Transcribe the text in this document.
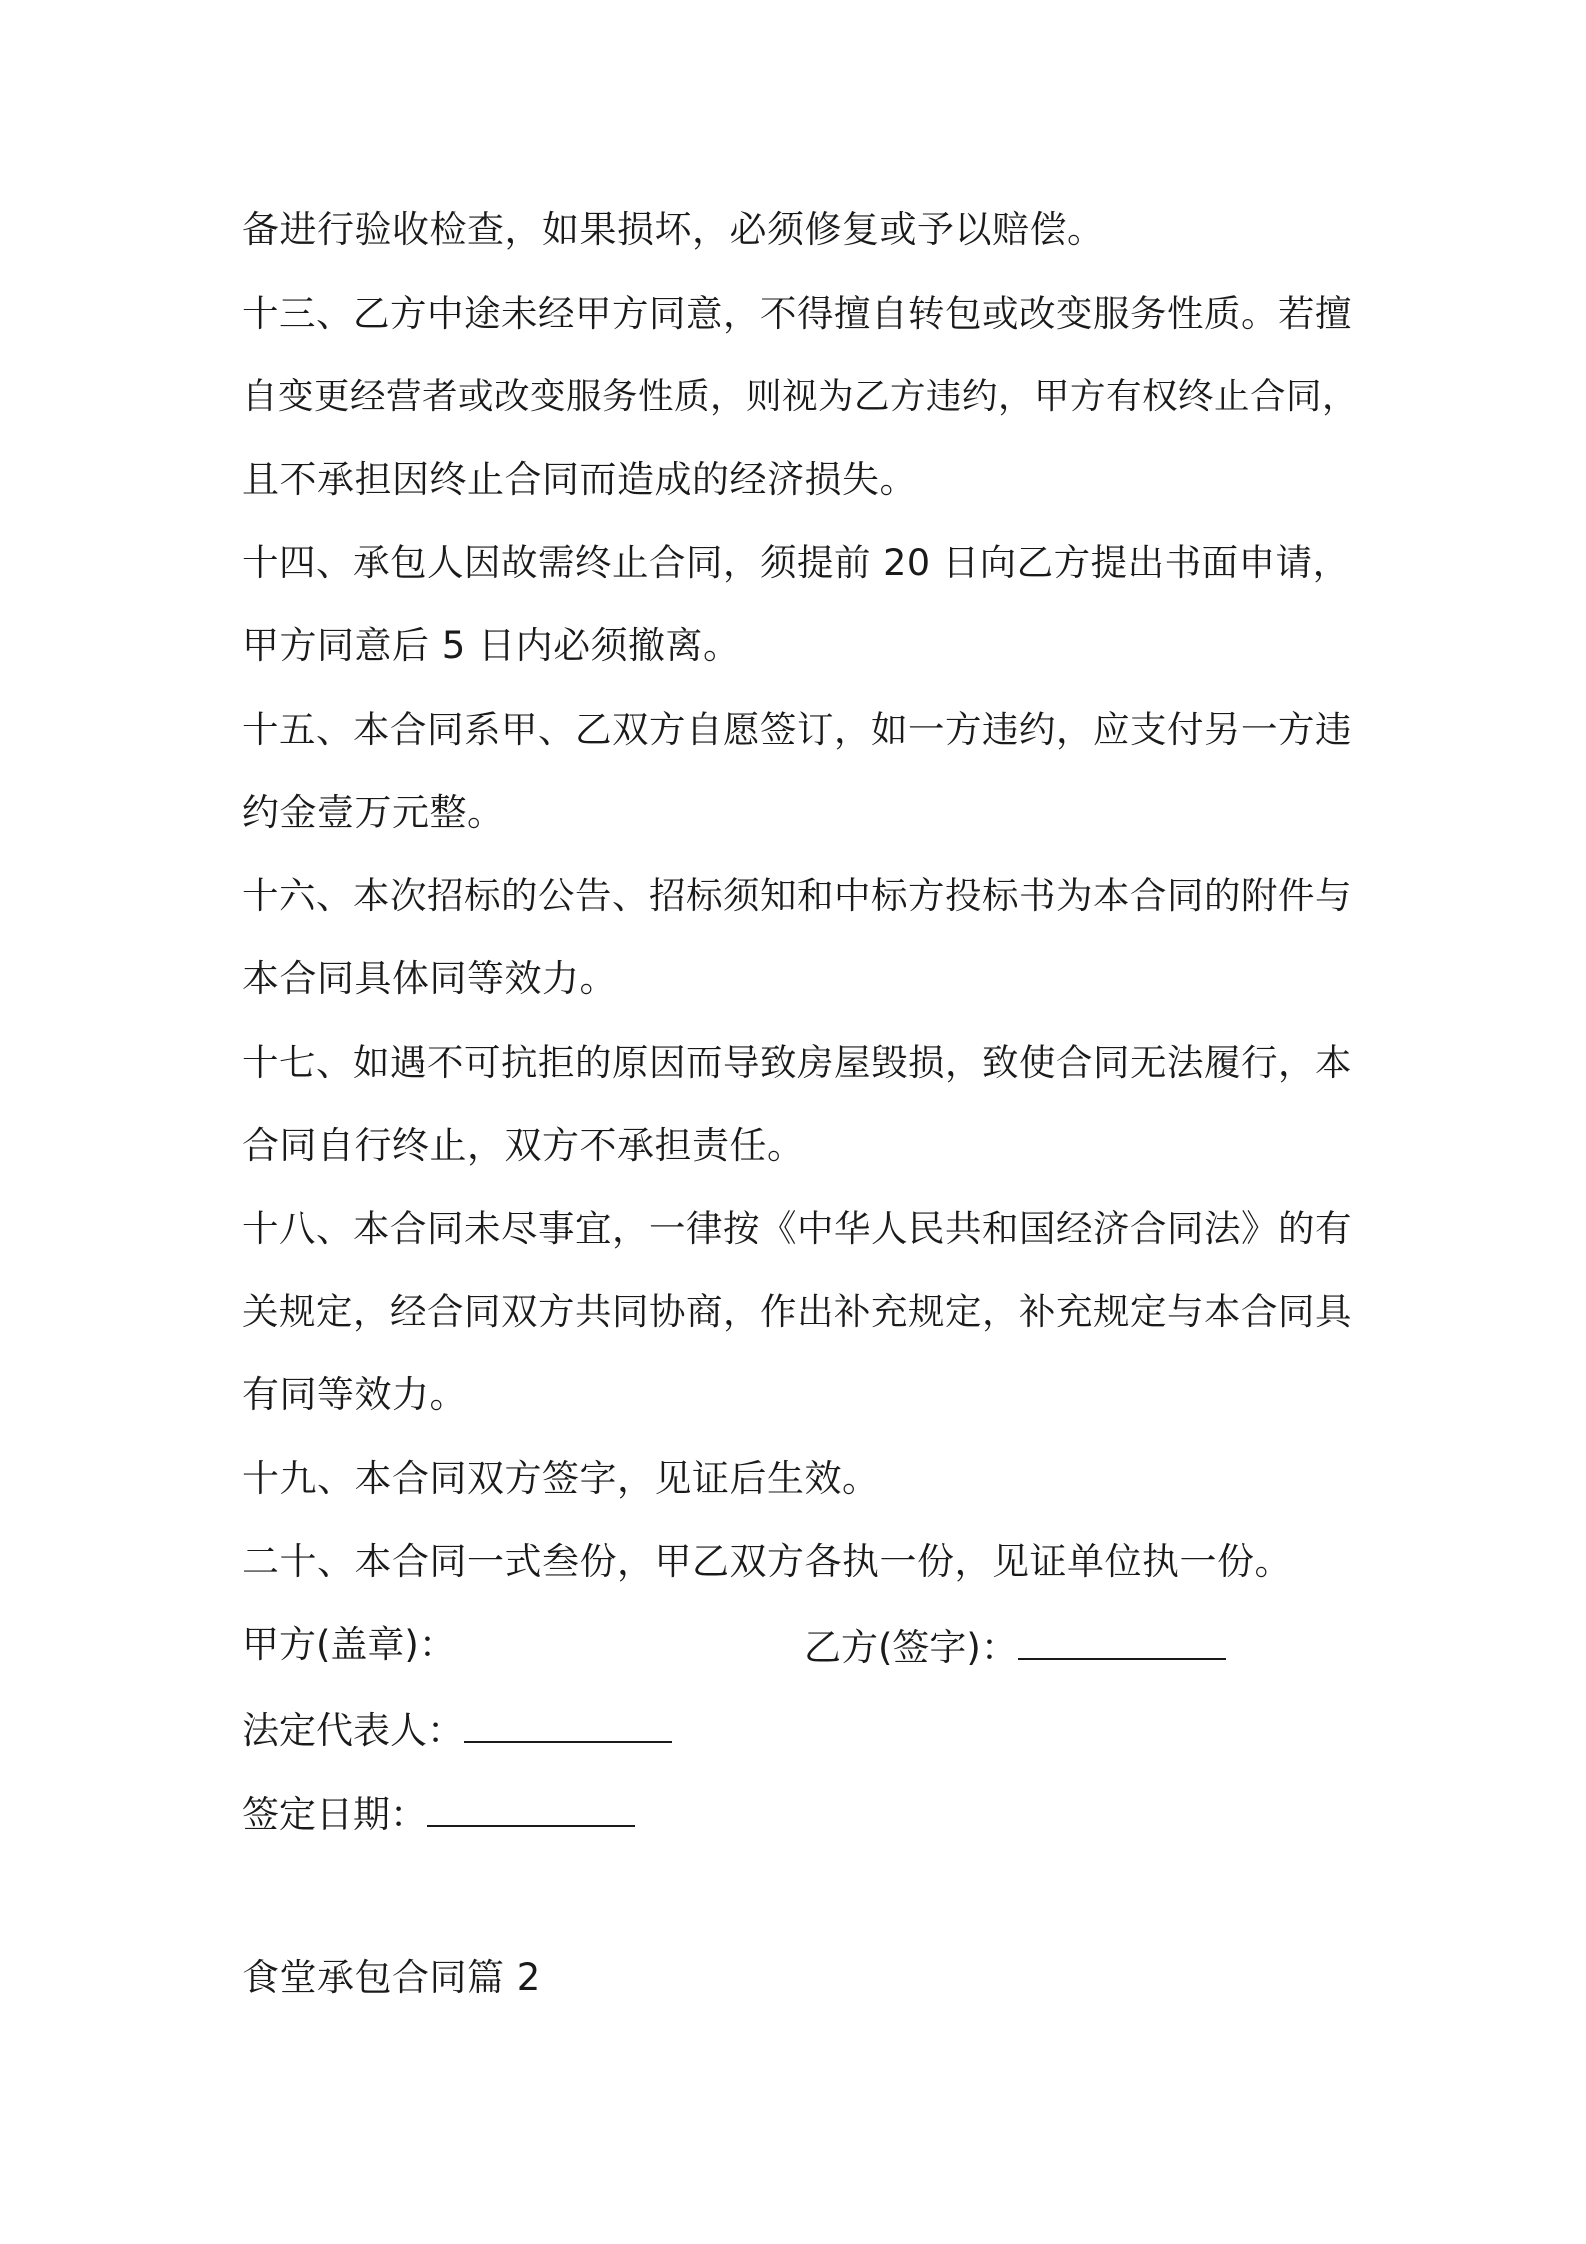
备进行验收检查，如果损坏，必须修复或予以赔偿。
十三、乙方中途未经甲方同意，不得擅自转包或改变服务性质。若擅
自变更经营者或改变服务性质，则视为乙方违约，甲方有权终止合同，
且不承担因终止合同而造成的经济损失。
十四、承包人因故需终止合同，须提前 20 日向乙方提出书面申请，
甲方同意后 5 日内必须撤离。
十五、本合同系甲、乙双方自愿签订，如一方违约，应支付另一方违
约金壹万元整。
十六、本次招标的公告、招标须知和中标方投标书为本合同的附件与
本合同具体同等效力。
十七、如遇不可抗拒的原因而导致房屋毁损，致使合同无法履行，本
合同自行终止，双方不承担责任。
十八、本合同未尽事宜，一律按《中华人民共和国经济合同法》的有
关规定，经合同双方共同协商，作出补充规定，补充规定与本合同具
有同等效力。
十九、本合同双方签字，见证后生效。
二十、本合同一式叁份，甲乙双方各执一份，见证单位执一份。
甲方(盖章)：	乙方(签字)：
法定代表人：
签定日期：
食堂承包合同篇 2
